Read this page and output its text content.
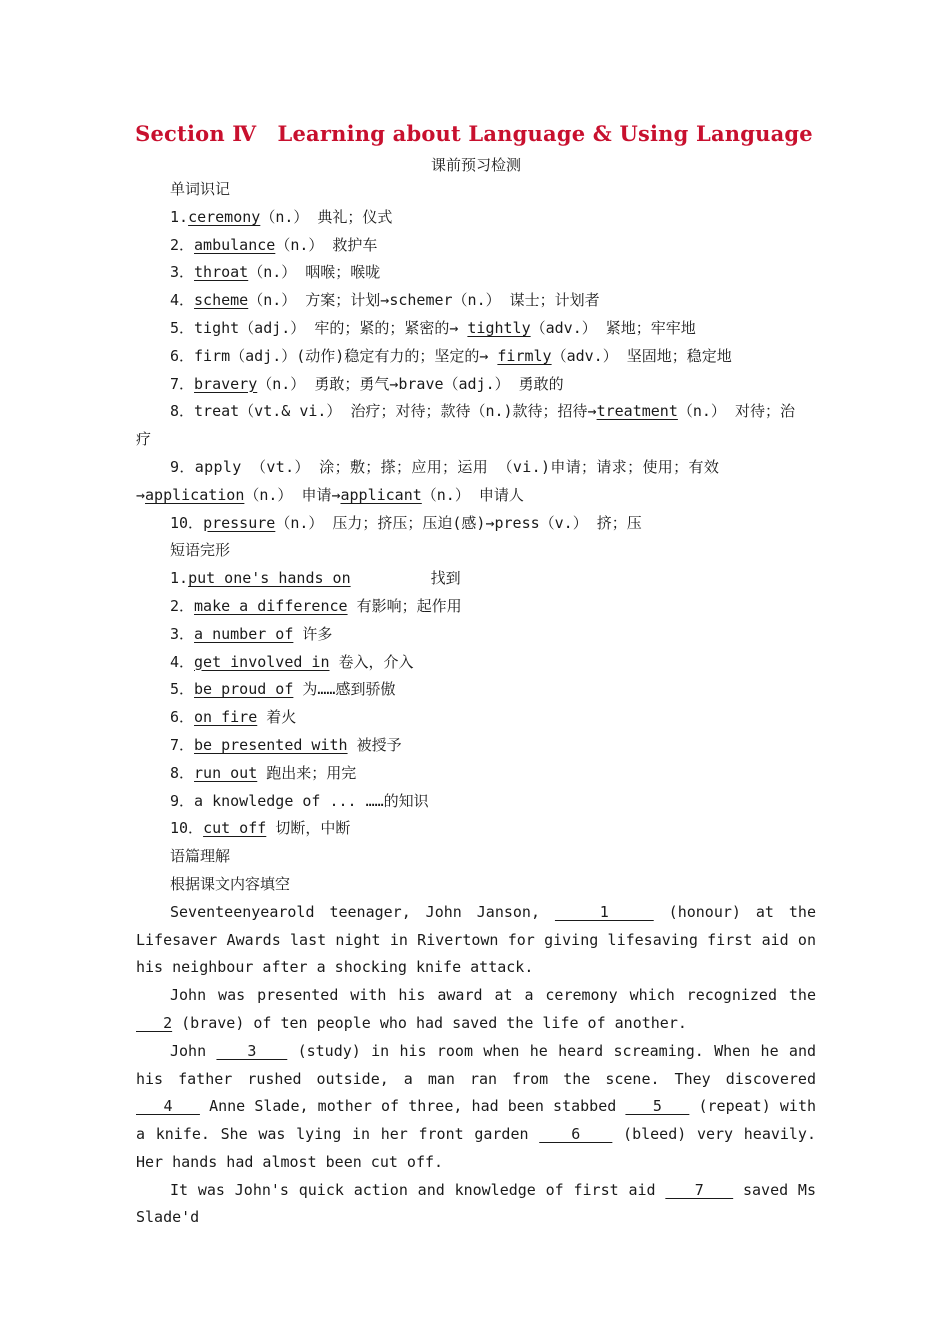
Section Ⅳ　Learning about Language & Using Language
课前预习检测
单词识记
1.ceremony（n.） 典礼；仪式
2．ambulance（n.） 救护车
3．throat（n.） 咽喉；喉咙
4．scheme（n.） 方案；计划→schemer（n.） 谋士；计划者
5．tight（adj.） 牢的；紧的；紧密的→ tightly（adv.） 紧地；牢牢地
6．firm（adj.）(动作)稳定有力的；坚定的→ firmly（adv.） 坚固地；稳定地
7．bravery（n.） 勇敢；勇气→brave（adj.） 勇敢的
8．treat（vt.& vi.） 治疗；对待；款待（n.)款待；招待→treatment（n.） 对待；治
疗
9．apply （vt.） 涂；敷；搽；应用；运用 （vi.)申请；请求；使用；有效
→application（n.） 申请→applicant（n.） 申请人
10．pressure（n.） 压力；挤压；压迫(感)→press（v.） 挤；压
短语完形
1.put one's hands on	找到
2．make a difference 有影响；起作用
3．a number of 许多
4．get involved in 卷入，介入
5．be proud of 为……感到骄傲
6．on fire 着火
7．be presented with 被授予
8．run out 跑出来；用完
9．a knowledge of ... ……的知识
10．cut off 切断，中断
语篇理解
根据课文内容填空

Seventeenyearold teenager, John Janson,    1    (honour) at the Lifesaver Awards last night in Rivertown for giving lifesaving first aid on his neighbour after a shocking knife attack.

John was presented with his award at a ceremony which recognized the    2 (brave) of ten people who had saved the life of another.

John    3    (study) in his room when he heard screaming. When he and his father rushed outside, a man ran from the scene. They discovered    4    Anne Slade, mother of three, had been stabbed    5    (repeat) with a knife. She was lying in her front garden    6    (bleed) very heavily. Her hands had almost been cut off.

It was John's quick action and knowledge of first aid    7    saved Ms Slade'd
